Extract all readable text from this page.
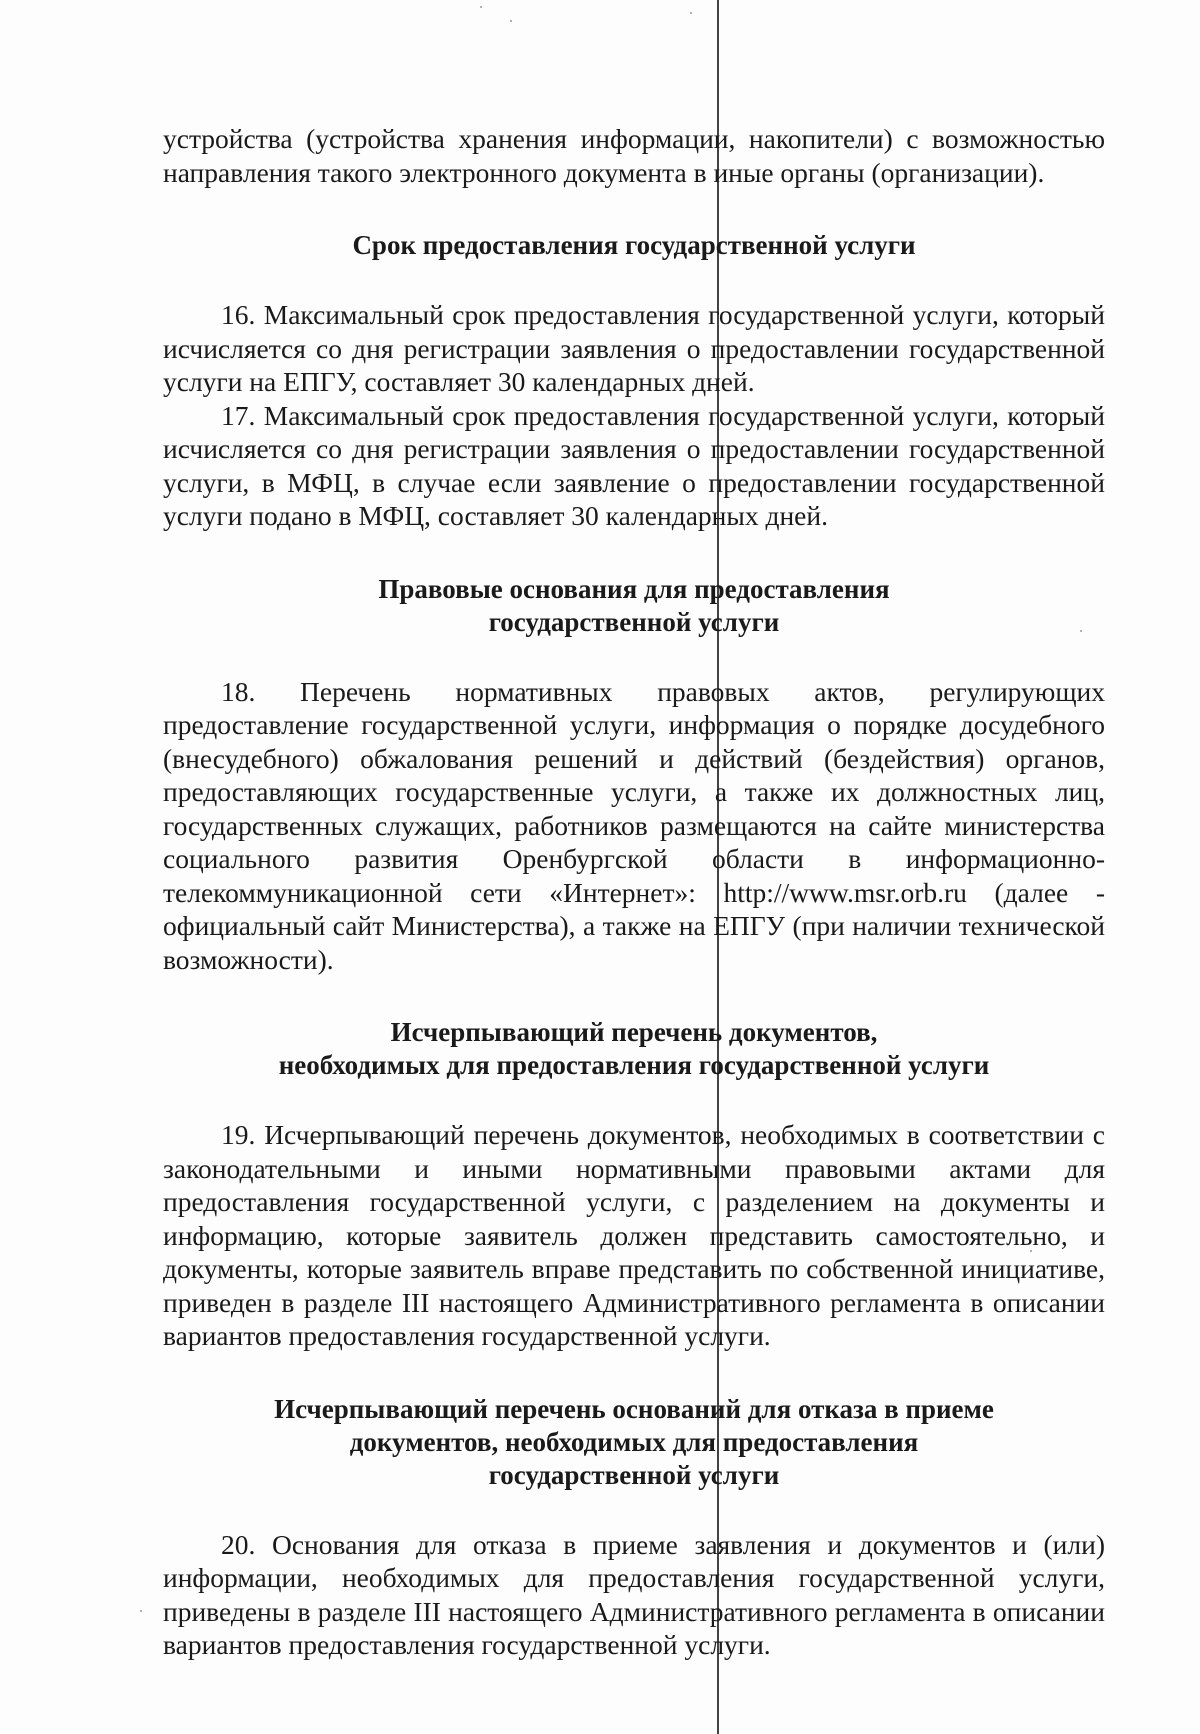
устройства (устройства хранения информации, накопители) с возможностью направления такого электронного документа в иные органы (организации).

Срок предоставления государственной услуги

16. Максимальный срок предоставления государственной услуги, который исчисляется со дня регистрации заявления о предоставлении государственной услуги на ЕПГУ, составляет 30 календарных дней.

17. Максимальный срок предоставления государственной услуги, который исчисляется со дня регистрации заявления о предоставлении государственной услуги, в МФЦ, в случае если заявление о предоставлении государственной услуги подано в МФЦ, составляет 30 календарных дней.

Правовые основания для предоставления
государственной услуги

18. Перечень нормативных правовых актов, регулирующих предоставление государственной услуги, информация о порядке досудебного (внесудебного) обжалования решений и действий (бездействия) органов, предоставляющих государственные услуги, а также их должностных лиц, государственных служащих, работников размещаются на сайте министерства социального развития Оренбургской области в информационно-телекоммуникационной сети «Интернет»: http://www.msr.orb.ru (далее - официальный сайт Министерства), а также на ЕПГУ (при наличии технической возможности).

Исчерпывающий перечень документов,
необходимых для предоставления государственной услуги

19. Исчерпывающий перечень документов, необходимых в соответствии с законодательными и иными нормативными правовыми актами для предоставления государственной услуги, с разделением на документы и информацию, которые заявитель должен представить самостоятельно, и документы, которые заявитель вправе представить по собственной инициативе, приведен в разделе III настоящего Административного регламента в описании вариантов предоставления государственной услуги.

Исчерпывающий перечень оснований для отказа в приеме
документов, необходимых для предоставления
государственной услуги

20. Основания для отказа в приеме заявления и документов и (или) информации, необходимых для предоставления государственной услуги, приведены в разделе III настоящего Административного регламента в описании вариантов предоставления государственной услуги.
